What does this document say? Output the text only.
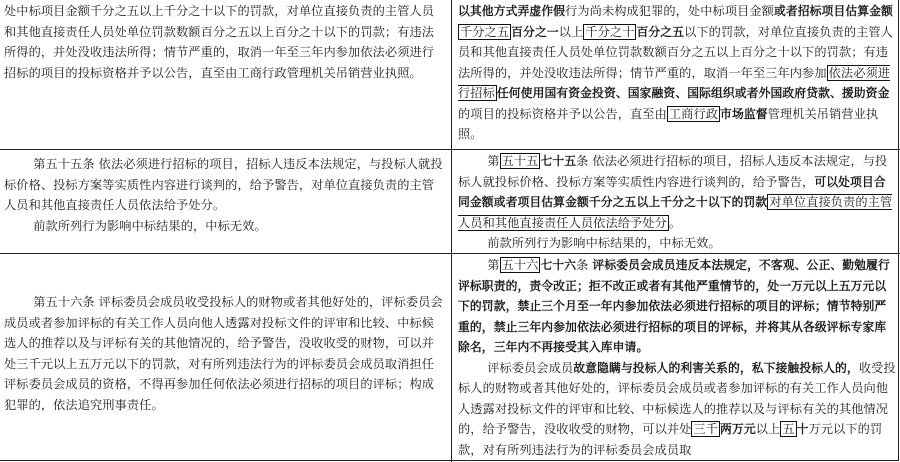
处中标项目金额千分之五以上千分之十以下的罚款，对单位直接负责的主管人员和其他直接责任人员处单位罚款数额百分之五以上百分之十以下的罚款；有违法所得的，并处没收违法所得；情节严重的，取消一年至三年内参加依法必须进行招标的项目的投标资格并予以公告，直至由工商行政管理机关吊销营业执照。

以其他方式弄虚作假行为尚未构成犯罪的，处中标项目金额或者招标项目估算金额千分之五 百分之一以上 千分之十 百分之五以下的罚款，对单位直接负责的主管人员和其他直接责任人员处单位罚款数额百分之五以上百分之十以下的罚款；有违法所得的，并处没收违法所得；情节严重的，取消一年至三年内参加 依法必须进行招标 任何使用国有资金投资、国家融资、国际组织或者外国政府贷款、援助资金的项目的投标资格并予以公告，直至由 工商行政 市场监督管理机关吊销营业执照。

第五十五条 依法必须进行招标的项目，招标人违反本法规定，与投标人就投标价格、投标方案等实质性内容进行谈判的，给予警告，对单位直接负责的主管人员和其他直接责任人员依法给予处分。

前款所列行为影响中标结果的，中标无效。

第 五十五 七十五条 依法必须进行招标的项目，招标人违反本法规定，与投标人就投标价格、投标方案等实质性内容进行谈判的，给予警告，可以处项目合同金额或者项目估算金额千分之五以上千分之十以下的罚款 对单位直接负责的主管人员和其他直接责任人员依法给予处分 。

前款所列行为影响中标结果的，中标无效。

第五十六条 评标委员会成员收受投标人的财物或者其他好处的，评标委员会成员或者参加评标的有关工作人员向他人透露对投标文件的评审和比较、中标候选人的推荐以及与评标有关的其他情况的，给予警告，没收收受的财物，可以并处三千元以上五万元以下的罚款，对有所列违法行为的评标委员会成员取消担任评标委员会成员的资格，不得再参加任何依法必须进行招标的项目的评标；构成犯罪的，依法追究刑事责任。

第 五十六 七十六条 评标委员会成员违反本法规定，不客观、公正、勤勉履行评标职责的，责令改正；拒不改正或者有其他严重情节的，处一万元以上五万元以下的罚款，禁止三个月至一年内参加依法必须进行招标的项目的评标；情节特别严重的，禁止三年内参加依法必须进行招标的项目的评标，并将其从各级评标专家库除名，三年内不再接受其入库申请。

评标委员会成员故意隐瞒与投标人的利害关系的，私下接触投标人的，收受投标人的财物或者其他好处的，评标委员会成员或者参加评标的有关工作人员向他人透露对投标文件的评审和比较、中标候选人的推荐以及与评标有关的其他情况的，给予警告，没收收受的财物，可以并处 三千 两万元以上 五 十万元以下的罚款，对有所列违法行为的评标委员会成员取
